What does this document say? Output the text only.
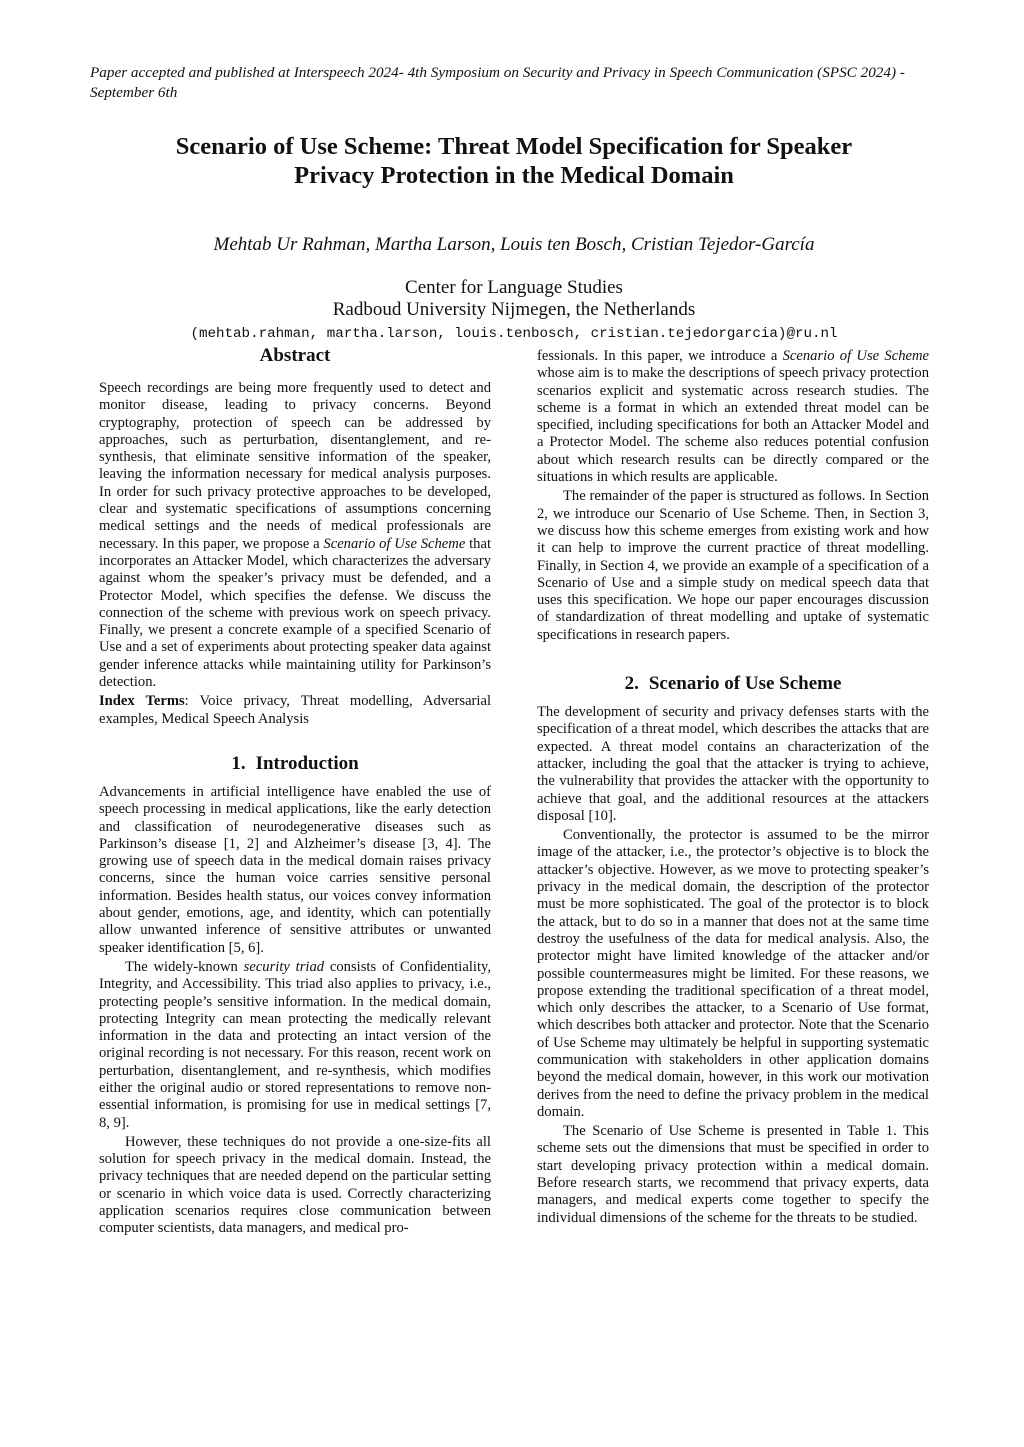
Paper accepted and published at Interspeech 2024- 4th Symposium on Security and Privacy in Speech Communication (SPSC 2024) - September 6th

Scenario of Use Scheme: Threat Model Specification for Speaker
Privacy Protection in the Medical Domain

Mehtab Ur Rahman, Martha Larson, Louis ten Bosch, Cristian Tejedor-García

Center for Language Studies
Radboud University Nijmegen, the Netherlands

(mehtab.rahman, martha.larson, louis.tenbosch, cristian.tejedorgarcia)@ru.nl

Abstract

Speech recordings are being more frequently used to detect and monitor disease, leading to privacy concerns. Beyond cryptography, protection of speech can be addressed by approaches, such as perturbation, disentanglement, and re-synthesis, that eliminate sensitive information of the speaker, leaving the information necessary for medical analysis purposes. In order for such privacy protective approaches to be developed, clear and systematic specifications of assumptions concerning medical settings and the needs of medical professionals are necessary. In this paper, we propose a Scenario of Use Scheme that incorporates an Attacker Model, which characterizes the adversary against whom the speaker’s privacy must be defended, and a Protector Model, which specifies the defense. We discuss the connection of the scheme with previous work on speech privacy. Finally, we present a concrete example of a specified Scenario of Use and a set of experiments about protecting speaker data against gender inference attacks while maintaining utility for Parkinson’s detection.

Index Terms: Voice privacy, Threat modelling, Adversarial examples, Medical Speech Analysis

1. Introduction

Advancements in artificial intelligence have enabled the use of speech processing in medical applications, like the early detection and classification of neurodegenerative diseases such as Parkinson’s disease [1, 2] and Alzheimer’s disease [3, 4]. The growing use of speech data in the medical domain raises privacy concerns, since the human voice carries sensitive personal information. Besides health status, our voices convey information about gender, emotions, age, and identity, which can potentially allow unwanted inference of sensitive attributes or unwanted speaker identification [5, 6].

The widely-known security triad consists of Confidentiality, Integrity, and Accessibility. This triad also applies to privacy, i.e., protecting people’s sensitive information. In the medical domain, protecting Integrity can mean protecting the medically relevant information in the data and protecting an intact version of the original recording is not necessary. For this reason, recent work on perturbation, disentanglement, and re-synthesis, which modifies either the original audio or stored representations to remove non-essential information, is promising for use in medical settings [7, 8, 9].

However, these techniques do not provide a one-size-fits all solution for speech privacy in the medical domain. Instead, the privacy techniques that are needed depend on the particular setting or scenario in which voice data is used. Correctly characterizing application scenarios requires close communication between computer scientists, data managers, and medical pro-

fessionals. In this paper, we introduce a Scenario of Use Scheme whose aim is to make the descriptions of speech privacy protection scenarios explicit and systematic across research studies. The scheme is a format in which an extended threat model can be specified, including specifications for both an Attacker Model and a Protector Model. The scheme also reduces potential confusion about which research results can be directly compared or the situations in which results are applicable.

The remainder of the paper is structured as follows. In Section 2, we introduce our Scenario of Use Scheme. Then, in Section 3, we discuss how this scheme emerges from existing work and how it can help to improve the current practice of threat modelling. Finally, in Section 4, we provide an example of a specification of a Scenario of Use and a simple study on medical speech data that uses this specification. We hope our paper encourages discussion of standardization of threat modelling and uptake of systematic specifications in research papers.

2. Scenario of Use Scheme

The development of security and privacy defenses starts with the specification of a threat model, which describes the attacks that are expected. A threat model contains an characterization of the attacker, including the goal that the attacker is trying to achieve, the vulnerability that provides the attacker with the opportunity to achieve that goal, and the additional resources at the attackers disposal [10].

Conventionally, the protector is assumed to be the mirror image of the attacker, i.e., the protector’s objective is to block the attacker’s objective. However, as we move to protecting speaker’s privacy in the medical domain, the description of the protector must be more sophisticated. The goal of the protector is to block the attack, but to do so in a manner that does not at the same time destroy the usefulness of the data for medical analysis. Also, the protector might have limited knowledge of the attacker and/or possible countermeasures might be limited. For these reasons, we propose extending the traditional specification of a threat model, which only describes the attacker, to a Scenario of Use format, which describes both attacker and protector. Note that the Scenario of Use Scheme may ultimately be helpful in supporting systematic communication with stakeholders in other application domains beyond the medical domain, however, in this work our motivation derives from the need to define the privacy problem in the medical domain.

The Scenario of Use Scheme is presented in Table 1. This scheme sets out the dimensions that must be specified in order to start developing privacy protection within a medical domain. Before research starts, we recommend that privacy experts, data managers, and medical experts come together to specify the individual dimensions of the scheme for the threats to be studied.
